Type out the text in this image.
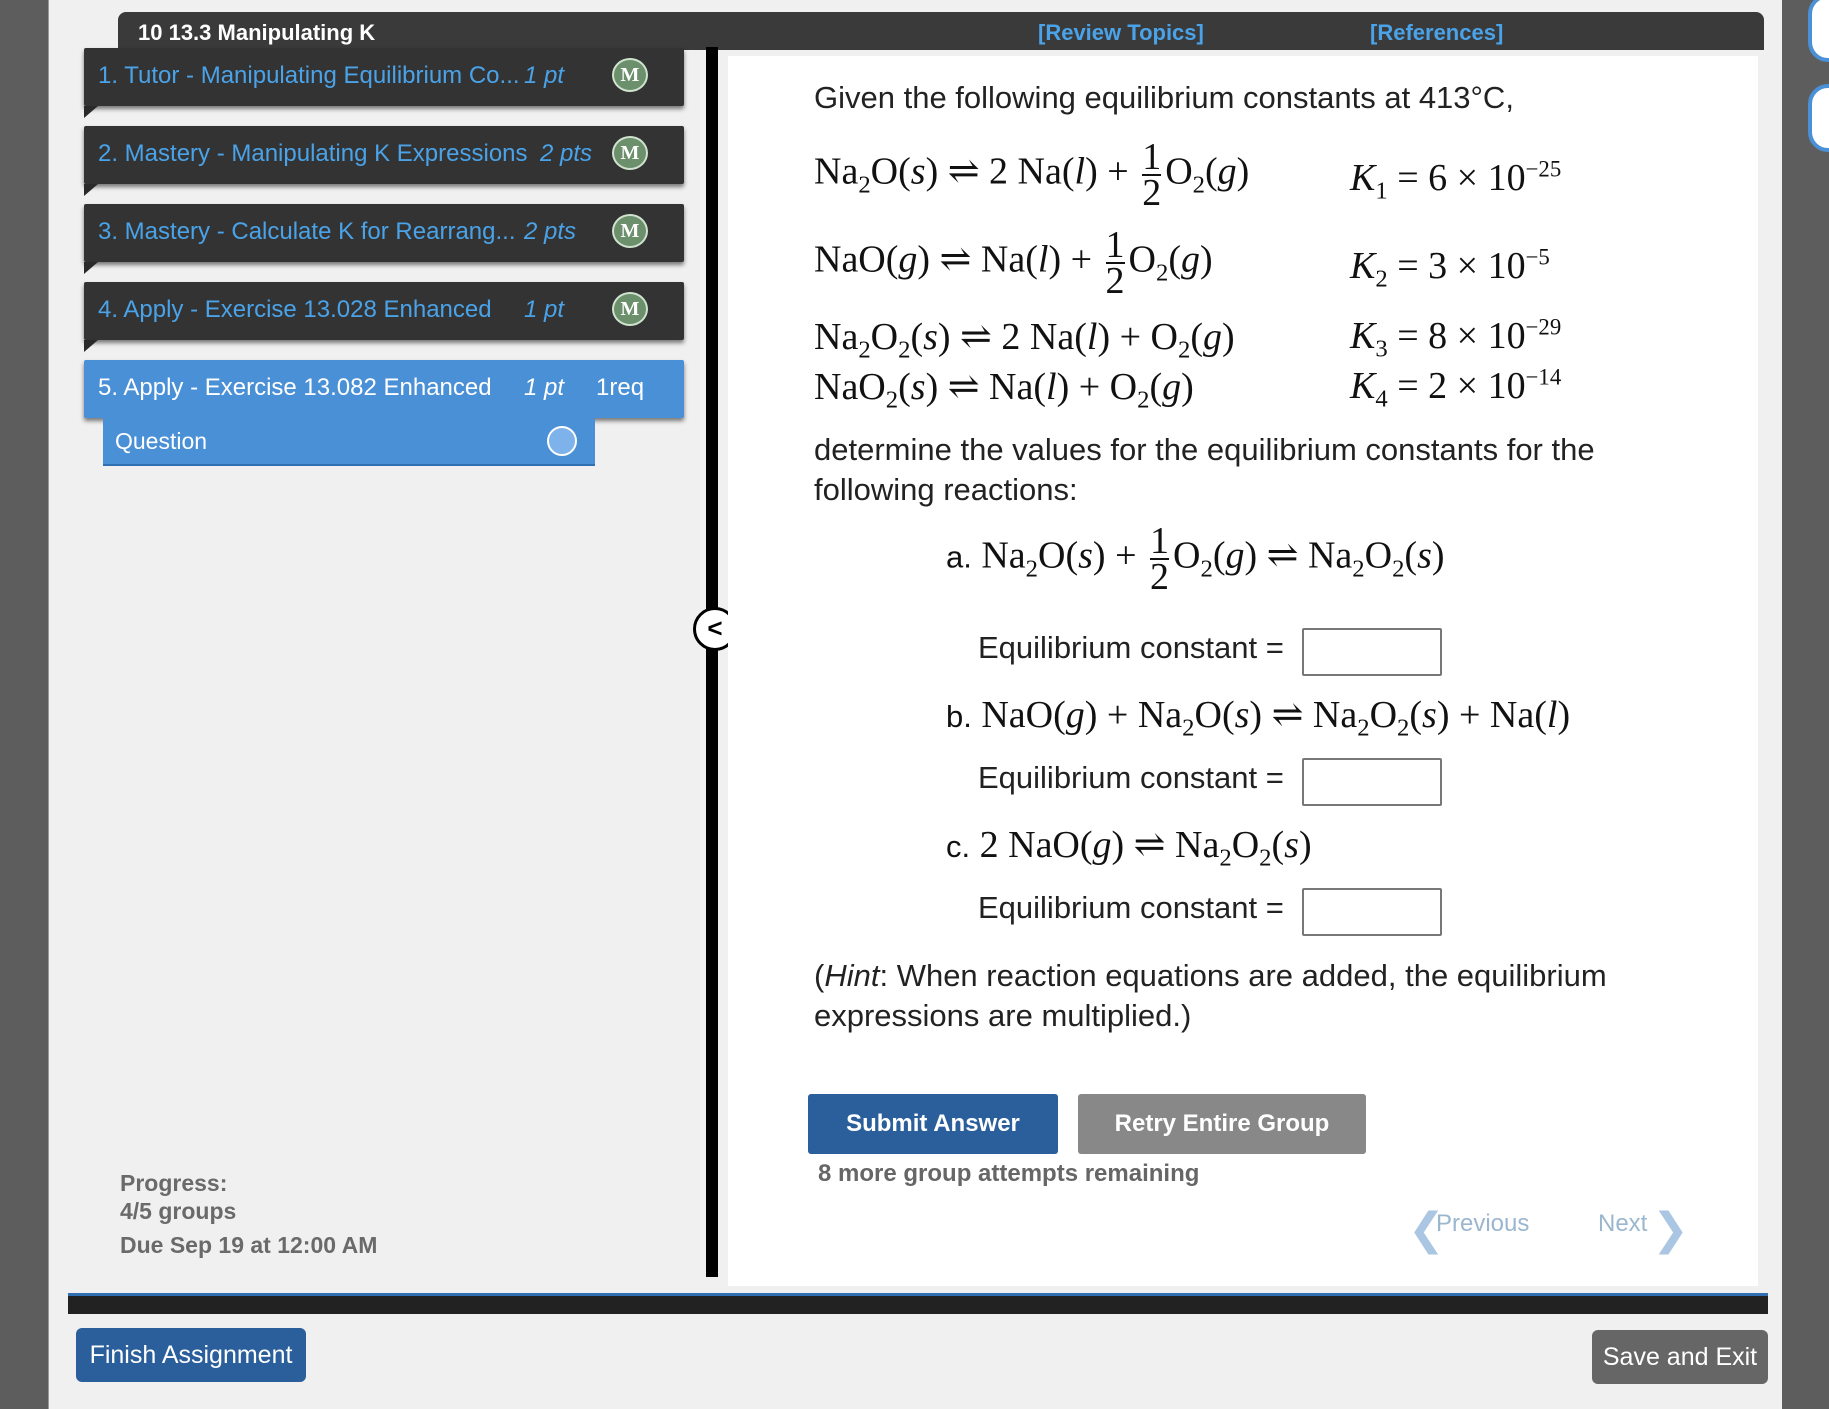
10 13.3 Manipulating K	[Review Topics]	[References]
1. Tutor - Manipulating Equilibrium Co... 1 pt	M
2. Mastery - Manipulating K Expressions 2 pts	M
3. Mastery - Calculate K for Rearrang... 2 pts	M
4. Apply - Exercise 13.028 Enhanced 1 pt	M
5. Apply - Exercise 13.082 Enhanced 1 pt 1req
Question
Progress:
4/5 groups
Due Sep 19 at 12:00 AM
<
Given the following equilibrium constants at 413°C,
$Na_2O(s)$ ⇌ 2 $Na(l) + \frac{1}{2} O_2(g)$	$K_1 = 6 \times 10^{-25}$
NaO(g) ⇌ $Na(l) + \frac{1}{2} O_2(g)$	$K_2 = 3 \times 10^{-5}$
$Na_2O_2(s)$ ⇌ 2 $Na(l) + O_2(g)$	$K_3 = 8 \times 10^{-29}$
NaO$_2$(s) ⇌ $Na(l) + O_2(g)$	$K_4 = 2 \times 10^{-14}$
determine the values for the equilibrium constants for the
following reactions:
a. $Na_2O(s) + \frac{1}{2} O_2(g)$ ⇌ $Na_2O_2(s)$
Equilibrium constant =
b. $NaO(g) + Na_2O(s)$ ⇌ $Na_2O_2(s) + Na(l)$
Equilibrium constant =
c. 2 NaO(g) ⇌ $Na_2O_2(s)$
Equilibrium constant =
(Hint: When reaction equations are added, the equilibrium
expressions are multiplied.)
Submit Answer	Retry Entire Group
8 more group attempts remaining
❮
Previous	Next ❯
Finish Assignment	Save and Exit
